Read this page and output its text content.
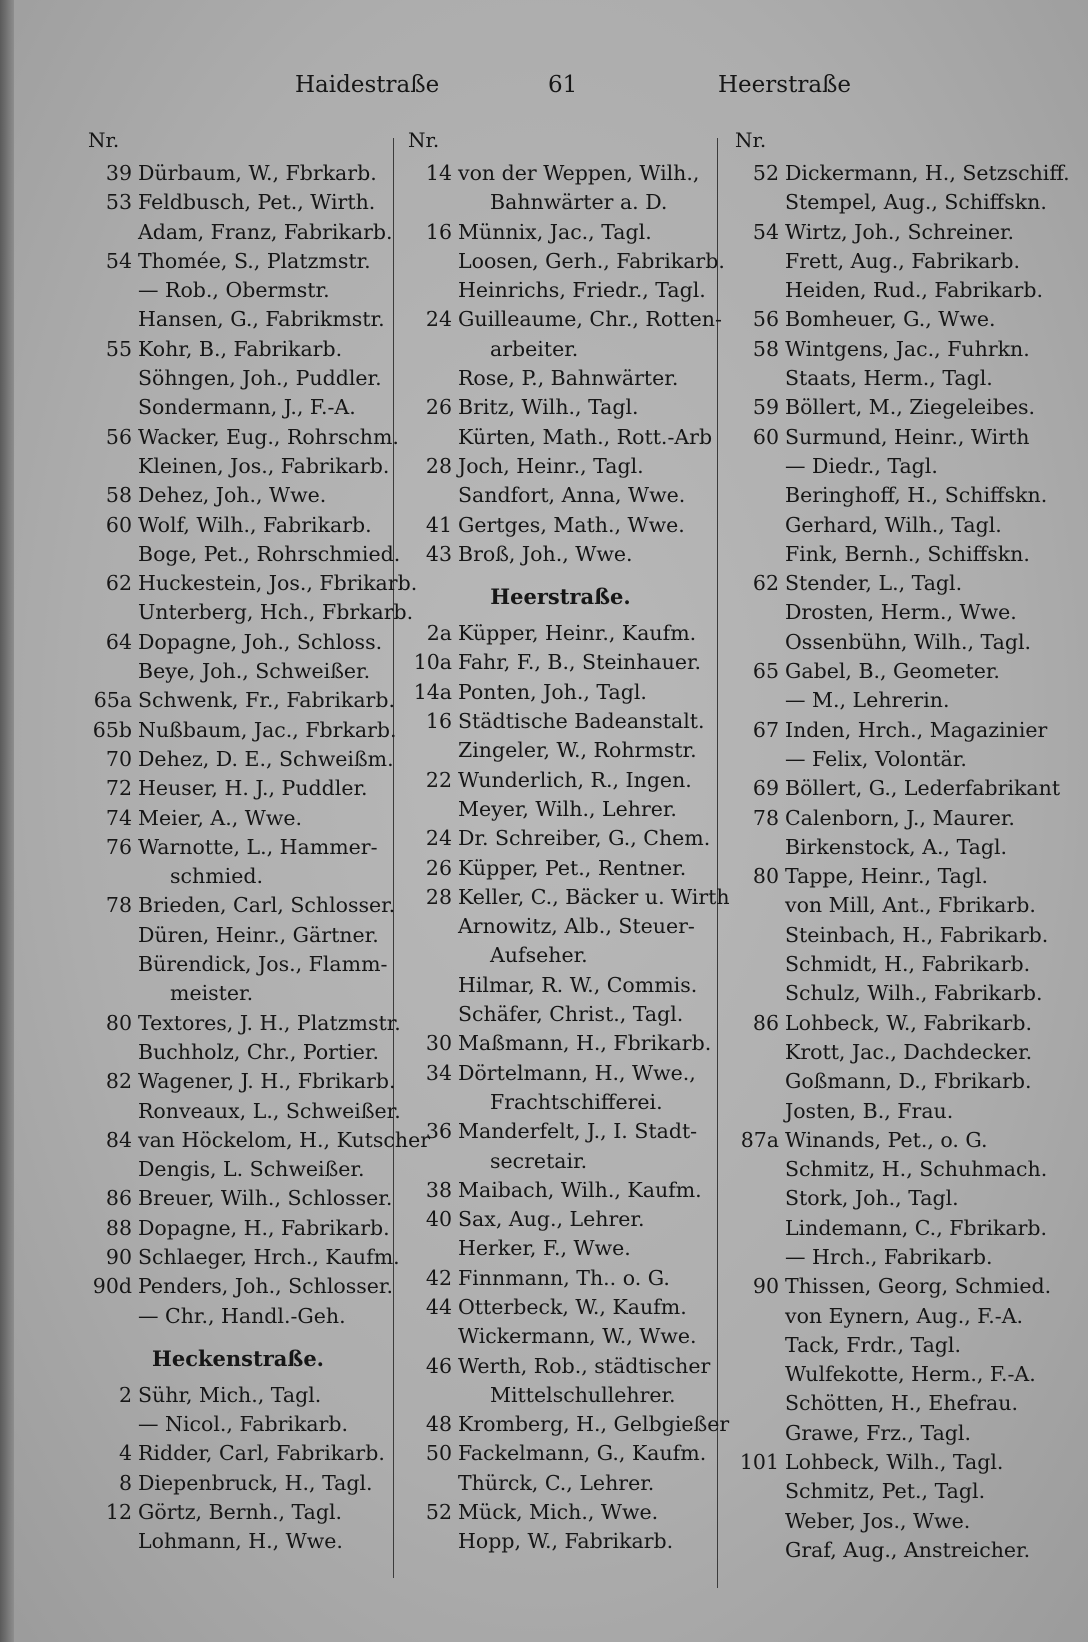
Haidestraße	61	Heerstraße
Nr.
39 Dürbaum, W., Fbrkarb.
53 Feldbusch, Pet., Wirth.
Adam, Franz, Fabrikarb.
54 Thomée, S., Platzmstr.
— Rob., Obermstr.
Hansen, G., Fabrikmstr.
55 Kohr, B., Fabrikarb.
Söhngen, Joh., Puddler.
Sondermann, J., F.-A.
56 Wacker, Eug., Rohrschm.
Kleinen, Jos., Fabrikarb.
58 Dehez, Joh., Wwe.
60 Wolf, Wilh., Fabrikarb.
Boge, Pet., Rohrschmied.
62 Huckestein, Jos., Fbrikarb.
Unterberg, Hch., Fbrkarb.
64 Dopagne, Joh., Schloss.
Beye, Joh., Schweißer.
65a Schwenk, Fr., Fabrikarb.
65b Nußbaum, Jac., Fbrkarb.
70 Dehez, D. E., Schweißm.
72 Heuser, H. J., Puddler.
74 Meier, A., Wwe.
76 Warnotte, L., Hammer-
schmied.
78 Brieden, Carl, Schlosser.
Düren, Heinr., Gärtner.
Bürendick, Jos., Flamm-
meister.
80 Textores, J. H., Platzmstr.
Buchholz, Chr., Portier.
82 Wagener, J. H., Fbrikarb.
Ronveaux, L., Schweißer.
84 van Höckelom, H., Kutscher
Dengis, L. Schweißer.
86 Breuer, Wilh., Schlosser.
88 Dopagne, H., Fabrikarb.
90 Schlaeger, Hrch., Kaufm.
90d Penders, Joh., Schlosser.
— Chr., Handl.-Geh.
Heckenstraße.
2 Sühr, Mich., Tagl.
— Nicol., Fabrikarb.
4 Ridder, Carl, Fabrikarb.
8 Diepenbruck, H., Tagl.
12 Görtz, Bernh., Tagl.
Lohmann, H., Wwe.
Nr.
14 von der Weppen, Wilh.,
Bahnwärter a. D.
16 Münnix, Jac., Tagl.
Loosen, Gerh., Fabrikarb.
Heinrichs, Friedr., Tagl.
24 Guilleaume, Chr., Rotten-
arbeiter.
Rose, P., Bahnwärter.
26 Britz, Wilh., Tagl.
Kürten, Math., Rott.-Arb
28 Joch, Heinr., Tagl.
Sandfort, Anna, Wwe.
41 Gertges, Math., Wwe.
43 Broß, Joh., Wwe.
Heerstraße.
2a Küpper, Heinr., Kaufm.
10a Fahr, F., B., Steinhauer.
14a Ponten, Joh., Tagl.
16 Städtische Badeanstalt.
Zingeler, W., Rohrmstr.
22 Wunderlich, R., Ingen.
Meyer, Wilh., Lehrer.
24 Dr. Schreiber, G., Chem.
26 Küpper, Pet., Rentner.
28 Keller, C., Bäcker u. Wirth
Arnowitz, Alb., Steuer-
Aufseher.
Hilmar, R. W., Commis.
Schäfer, Christ., Tagl.
30 Maßmann, H., Fbrikarb.
34 Dörtelmann, H., Wwe.,
Frachtschifferei.
36 Manderfelt, J., I. Stadt-
secretair.
38 Maibach, Wilh., Kaufm.
40 Sax, Aug., Lehrer.
Herker, F., Wwe.
42 Finnmann, Th.. o. G.
44 Otterbeck, W., Kaufm.
Wickermann, W., Wwe.
46 Werth, Rob., städtischer
Mittelschullehrer.
48 Kromberg, H., Gelbgießer
50 Fackelmann, G., Kaufm.
Thürck, C., Lehrer.
52 Mück, Mich., Wwe.
Hopp, W., Fabrikarb.
Nr.
52 Dickermann, H., Setzschiff.
Stempel, Aug., Schiffskn.
54 Wirtz, Joh., Schreiner.
Frett, Aug., Fabrikarb.
Heiden, Rud., Fabrikarb.
56 Bomheuer, G., Wwe.
58 Wintgens, Jac., Fuhrkn.
Staats, Herm., Tagl.
59 Böllert, M., Ziegeleibes.
60 Surmund, Heinr., Wirth
— Diedr., Tagl.
Beringhoff, H., Schiffskn.
Gerhard, Wilh., Tagl.
Fink, Bernh., Schiffskn.
62 Stender, L., Tagl.
Drosten, Herm., Wwe.
Ossenbühn, Wilh., Tagl.
65 Gabel, B., Geometer.
— M., Lehrerin.
67 Inden, Hrch., Magazinier
— Felix, Volontär.
69 Böllert, G., Lederfabrikant
78 Calenborn, J., Maurer.
Birkenstock, A., Tagl.
80 Tappe, Heinr., Tagl.
von Mill, Ant., Fbrikarb.
Steinbach, H., Fabrikarb.
Schmidt, H., Fabrikarb.
Schulz, Wilh., Fabrikarb.
86 Lohbeck, W., Fabrikarb.
Krott, Jac., Dachdecker.
Goßmann, D., Fbrikarb.
Josten, B., Frau.
87a Winands, Pet., o. G.
Schmitz, H., Schuhmach.
Stork, Joh., Tagl.
Lindemann, C., Fbrikarb.
— Hrch., Fabrikarb.
90 Thissen, Georg, Schmied.
von Eynern, Aug., F.-A.
Tack, Frdr., Tagl.
Wulfekotte, Herm., F.-A.
Schötten, H., Ehefrau.
Grawe, Frz., Tagl.
101 Lohbeck, Wilh., Tagl.
Schmitz, Pet., Tagl.
Weber, Jos., Wwe.
Graf, Aug., Anstreicher.
